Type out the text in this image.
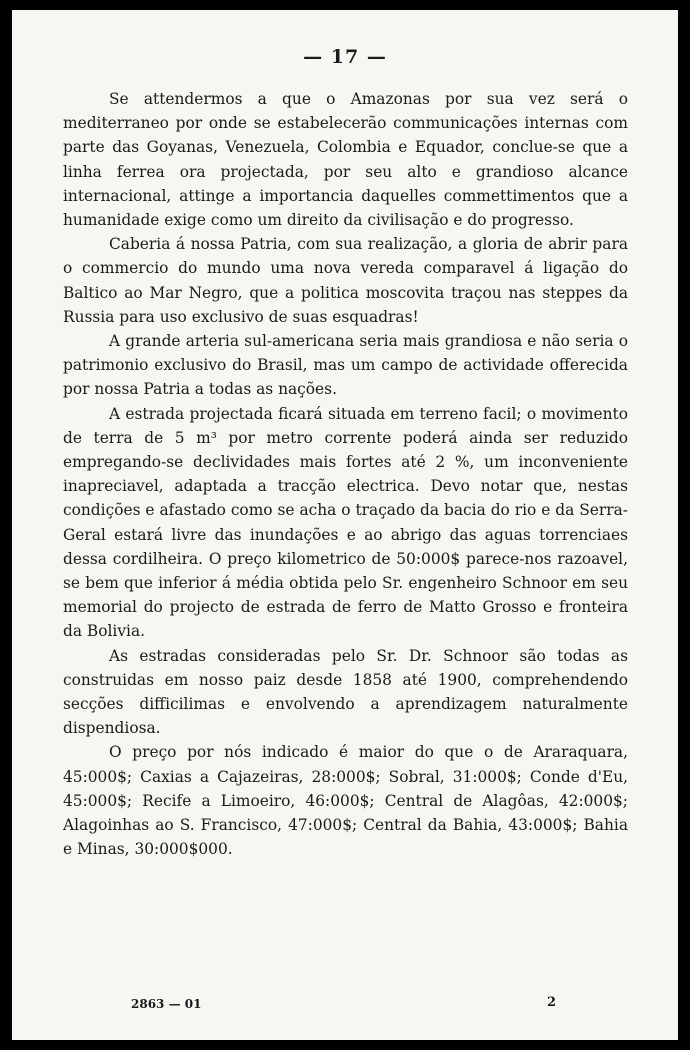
— 17 —

Se attendermos a que o Amazonas por sua vez será o mediterraneo por onde se estabelecerão communicações internas com parte das Goyanas, Venezuela, Colombia e Equador, conclue-se que a linha ferrea ora projectada, por seu alto e grandioso alcance internacional, attinge a importancia daquelles commettimentos que a humanidade exige como um direito da civilisação e do progresso.

Caberia á nossa Patria, com sua realização, a gloria de abrir para o commercio do mundo uma nova vereda comparavel á ligação do Baltico ao Mar Negro, que a politica moscovita traçou nas steppes da Russia para uso exclusivo de suas esquadras!

A grande arteria sul-americana seria mais grandiosa e não seria o patrimonio exclusivo do Brasil, mas um campo de actividade offerecida por nossa Patria a todas as nações.

A estrada projectada ficará situada em terreno facil; o movimento de terra de 5 m³ por metro corrente poderá ainda ser reduzido empregando-se declividades mais fortes até 2 %, um inconveniente inapreciavel, adaptada a tracção electrica. Devo notar que, nestas condições e afastado como se acha o traçado da bacia do rio e da Serra-Geral estará livre das inundações e ao abrigo das aguas torrenciaes dessa cordilheira. O preço kilometrico de 50:000$ parece-nos razoavel, se bem que inferior á média obtida pelo Sr. engenheiro Schnoor em seu memorial do projecto de estrada de ferro de Matto Grosso e fronteira da Bolivia.

As estradas consideradas pelo Sr. Dr. Schnoor são todas as construidas em nosso paiz desde 1858 até 1900, comprehendendo secções difficilimas e envolvendo a aprendizagem naturalmente dispendiosa.

O preço por nós indicado é maior do que o de Araraquara, 45:000$; Caxias a Cajazeiras, 28:000$; Sobral, 31:000$; Conde d'Eu, 45:000$; Recife a Limoeiro, 46:000$; Central de Alagôas, 42:000$; Alagoinhas ao S. Francisco, 47:000$; Central da Bahia, 43:000$; Bahia e Minas, 30:000$000.

2863 — 01	2
